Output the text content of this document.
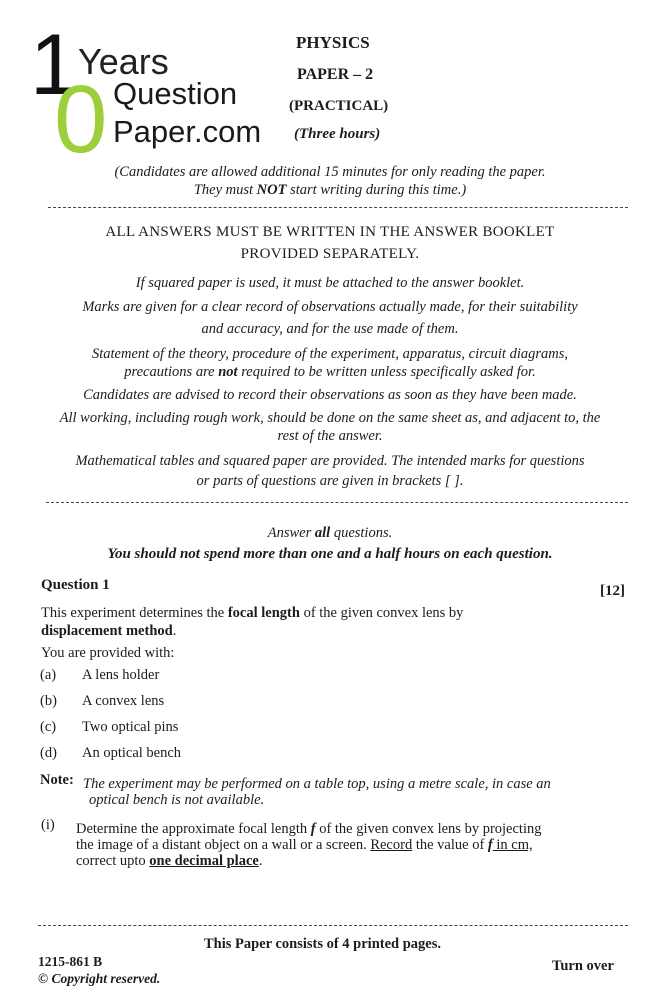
1
0
Years
Question
Paper.com
PHYSICS
PAPER – 2
(PRACTICAL)
(Three hours)
(Candidates are allowed additional 15 minutes for only reading the paper.
They must NOT start writing during this time.)
ALL ANSWERS MUST BE WRITTEN IN THE ANSWER BOOKLET
PROVIDED SEPARATELY.
If squared paper is used, it must be attached to the answer booklet.
Marks are given for a clear record of observations actually made, for their suitability
and accuracy, and for the use made of them.
Statement of the theory, procedure of the experiment, apparatus, circuit diagrams,
precautions are not required to be written unless specifically asked for.
Candidates are advised to record their observations as soon as they have been made.
All working, including rough work, should be done on the same sheet as, and adjacent to, the
rest of the answer.
Mathematical tables and squared paper are provided. The intended marks for questions
or parts of questions are given in brackets [ ].
Answer all questions.
You should not spend more than one and a half hours on each question.
Question 1	[12]
This experiment determines the focal length of the given convex lens by
displacement method.
You are provided with:
(a) A lens holder
(b) A convex lens
(c) Two optical pins
(d) An optical bench
Note: The experiment may be performed on a table top, using a metre scale, in case an
optical bench is not available.
(i) Determine the approximate focal length f of the given convex lens by projecting
the image of a distant object on a wall or a screen. Record the value of f in cm,
correct upto one decimal place.
This Paper consists of 4 printed pages.
1215-861 B
© Copyright reserved.
Turn over
